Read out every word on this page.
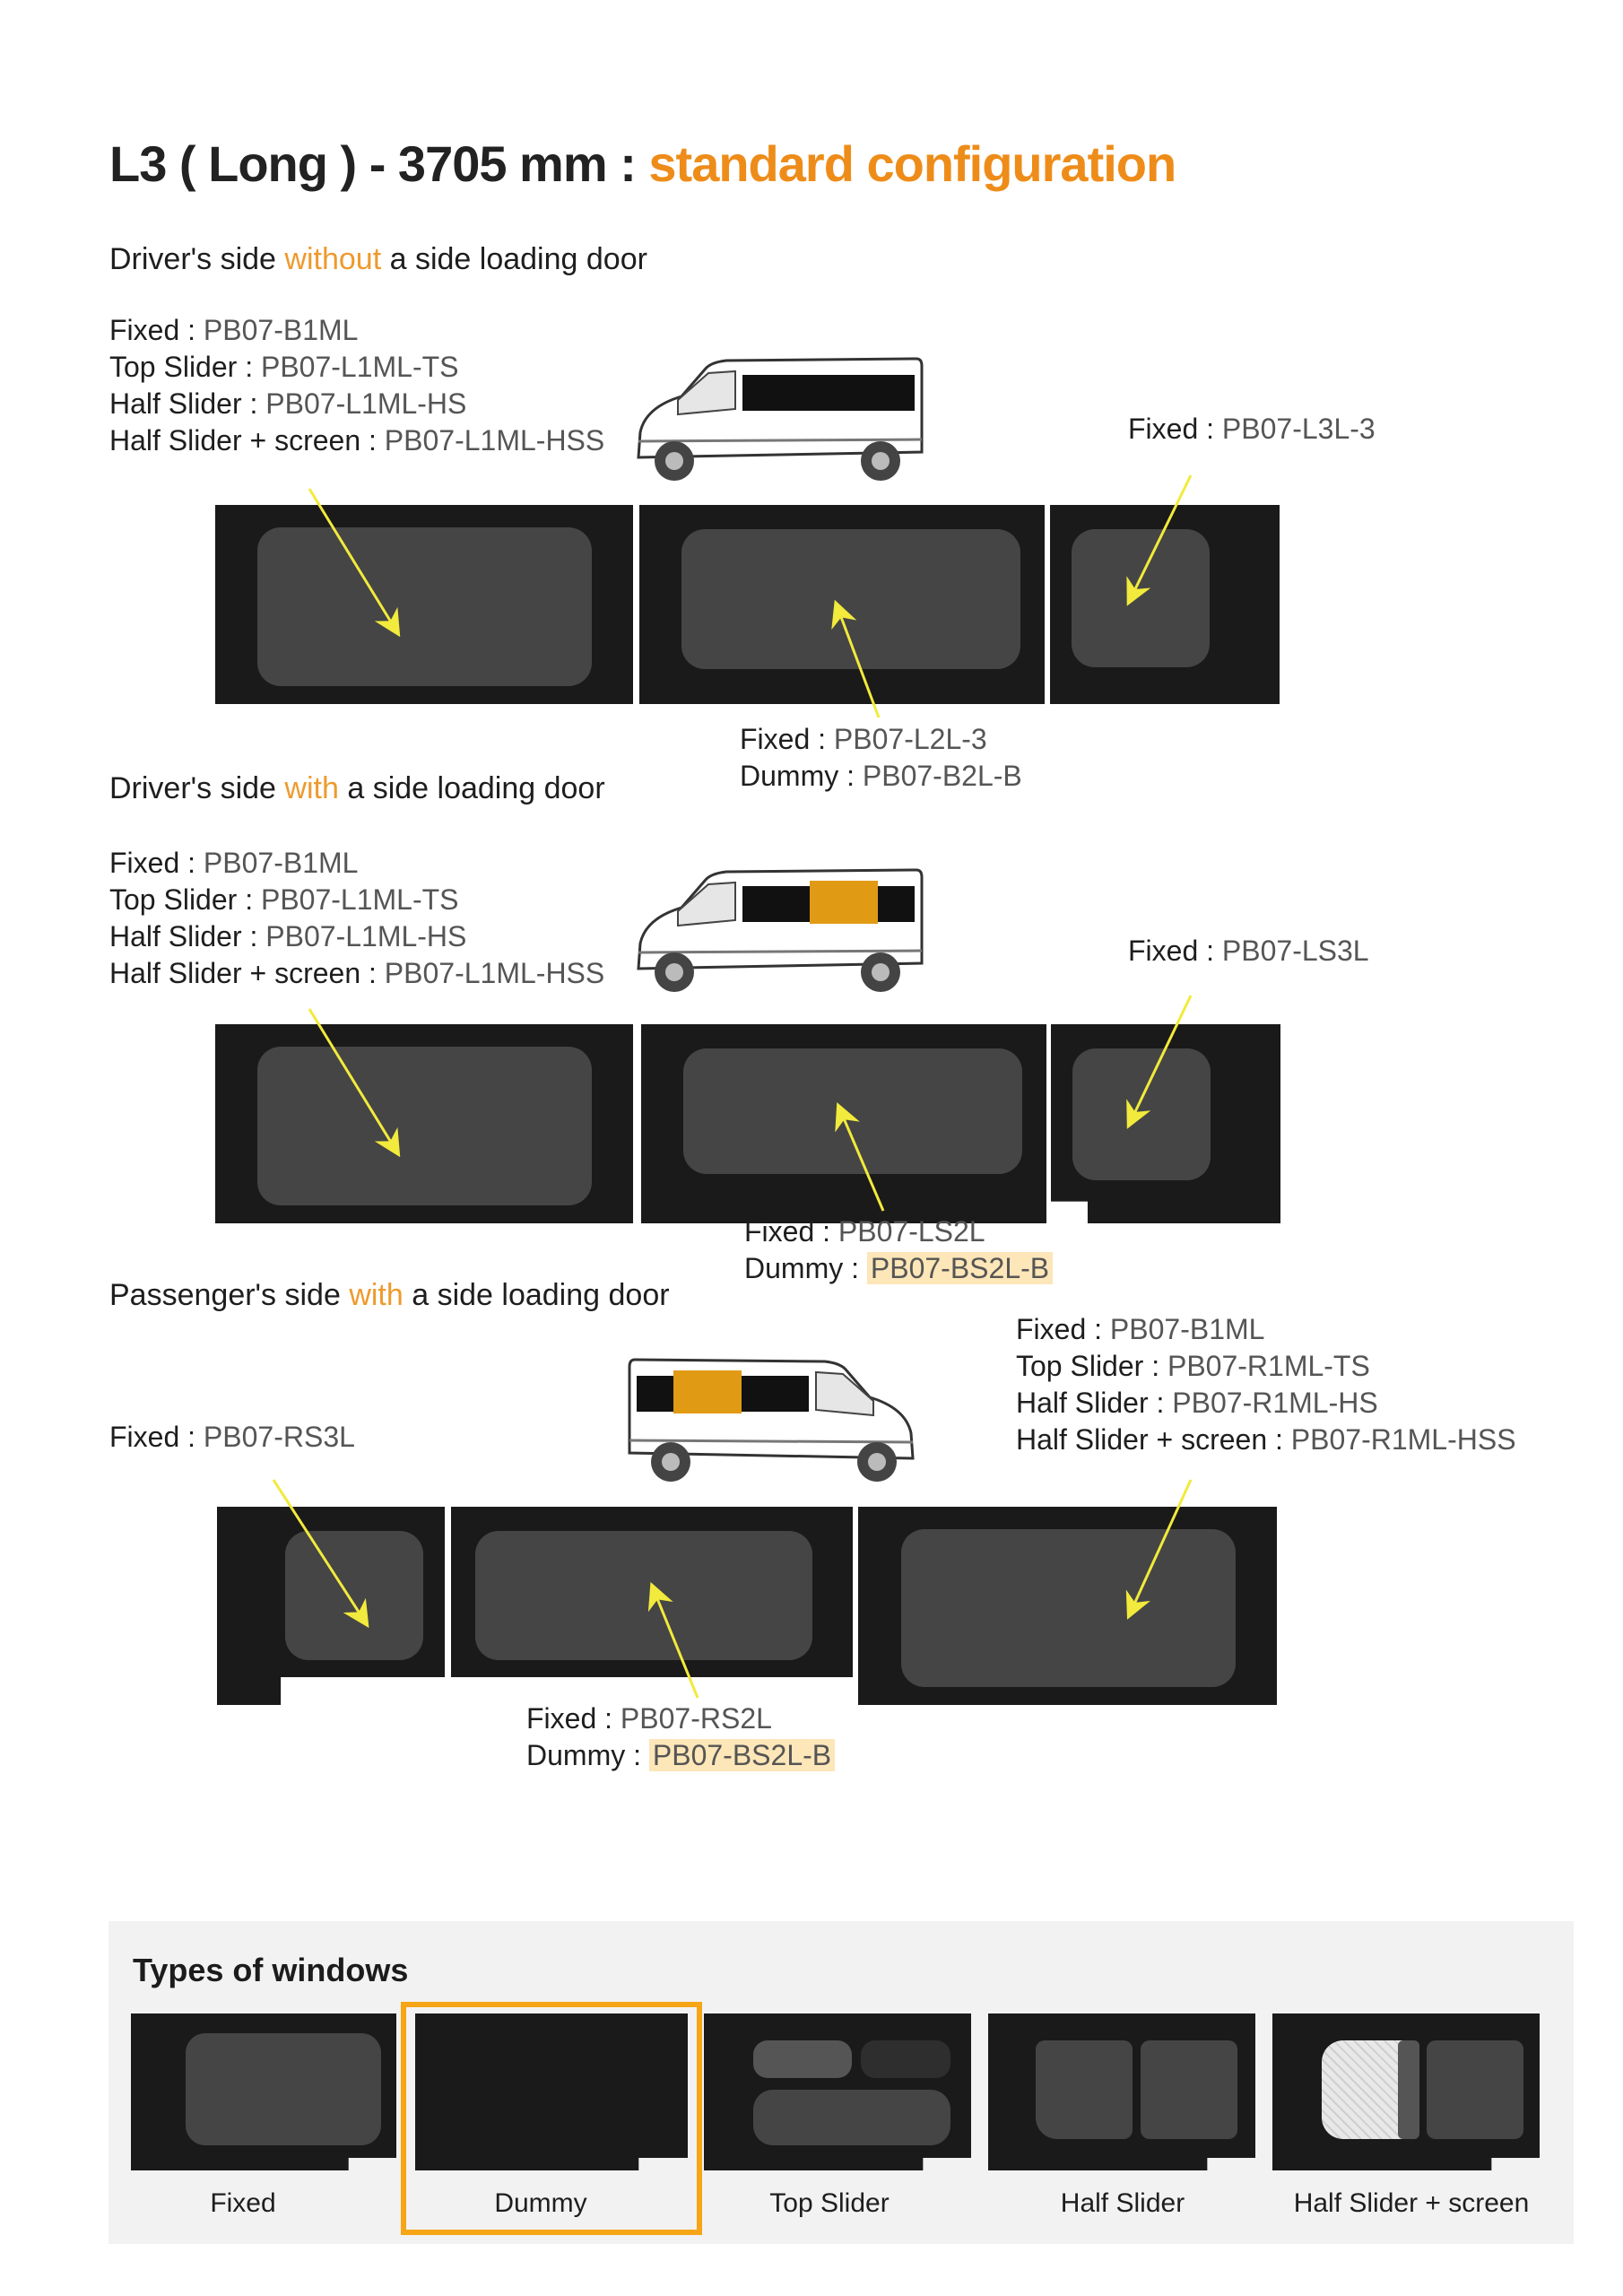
L3 ( Long ) - 3705 mm : standard configuration
Driver's side without a side loading door
Fixed : PB07-B1ML
Top Slider : PB07-L1ML-TS
Half Slider : PB07-L1ML-HS
Half Slider + screen : PB07-L1ML-HSS	Fixed : PB07-L3L-3
Fixed : PB07-L2L-3
Dummy : PB07-B2L-B
Driver's side with a side loading door
Fixed : PB07-B1ML
Top Slider : PB07-L1ML-TS
Half Slider : PB07-L1ML-HS
Half Slider + screen : PB07-L1ML-HSS
Fixed : PB07-LS3L
Fixed : PB07-LS2L
Dummy : PB07-BS2L-B
Passenger's side with a side loading door
Fixed : PB07-RS3L
Fixed : PB07-B1ML
Top Slider : PB07-R1ML-TS
Half Slider : PB07-R1ML-HS
Half Slider + screen : PB07-R1ML-HSS
Fixed : PB07-RS2L
Dummy : PB07-BS2L-B
Types of windows
Fixed	Dummy	Top Slider	Half Slider	Half Slider + screen
